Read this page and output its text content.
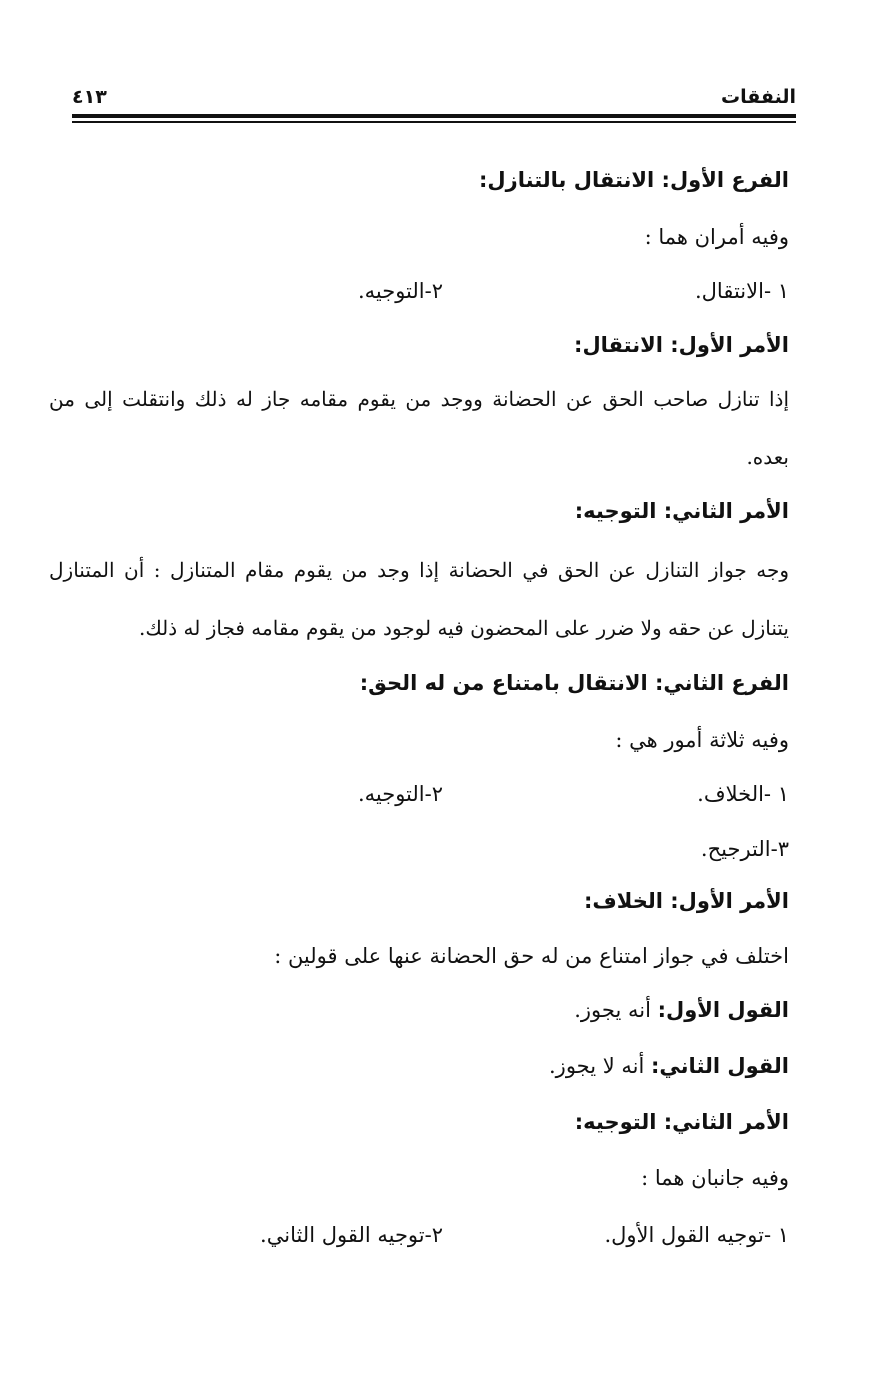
النفقات
٤١٣
الفرع الأول: الانتقال بالتنازل:
وفيه أمران هما :
١ -الانتقال.
٢-التوجيه.
الأمر الأول: الانتقال:
إذا تنازل صاحب الحق عن الحضانة ووجد من يقوم مقامه جاز له ذلك وانتقلت إلى من بعده.
الأمر الثاني: التوجيه:
وجه جواز التنازل عن الحق في الحضانة إذا وجد من يقوم مقام المتنازل : أن المتنازل يتنازل عن حقه ولا ضرر على المحضون فيه لوجود من يقوم مقامه فجاز له ذلك.
الفرع الثاني: الانتقال بامتناع من له الحق:
وفيه ثلاثة أمور هي :
١ -الخلاف.
٢-التوجيه.
٣-الترجيح.
الأمر الأول: الخلاف:
اختلف في جواز امتناع من له حق الحضانة عنها على قولين :
القول الأول: أنه يجوز.
القول الثاني: أنه لا يجوز.
الأمر الثاني: التوجيه:
وفيه جانبان هما :
١ -توجيه القول الأول.
٢-توجيه القول الثاني.
